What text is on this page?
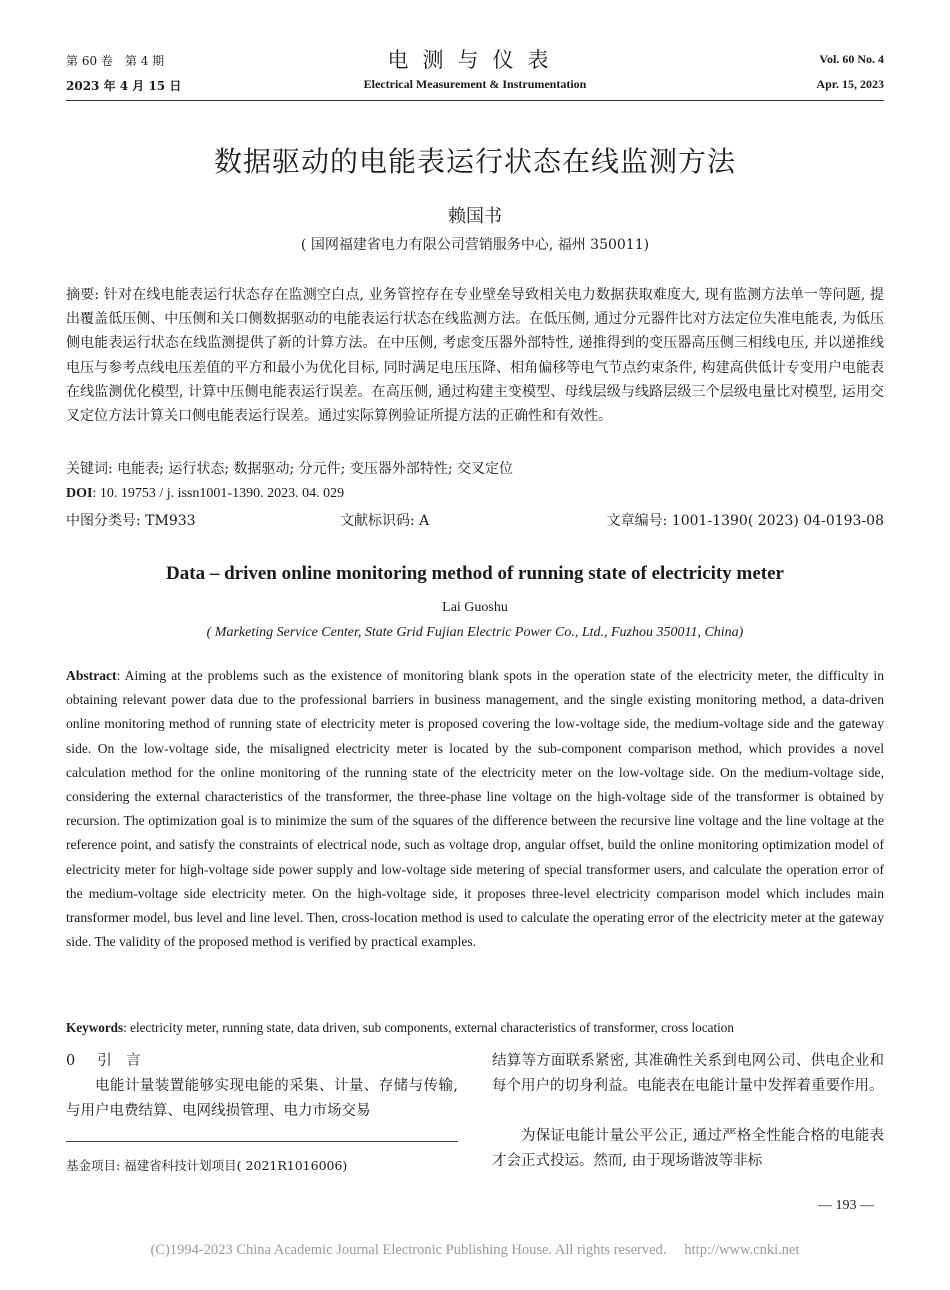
第 60 卷　第 4 期
2023 年 4 月 15 日
电测与仪表
Electrical Measurement & Instrumentation
Vol. 60 No. 4
Apr. 15, 2023
数据驱动的电能表运行状态在线监测方法
赖国书
( 国网福建省电力有限公司营销服务中心, 福州 350011)
摘要: 针对在线电能表运行状态存在监测空白点, 业务管控存在专业壁垒导致相关电力数据获取难度大, 现有监测方法单一等问题, 提出覆盖低压侧、中压侧和关口侧数据驱动的电能表运行状态在线监测方法。在低压侧, 通过分元器件比对方法定位失准电能表, 为低压侧电能表运行状态在线监测提供了新的计算方法。在中压侧, 考虑变压器外部特性, 递推得到的变压器高压侧三相线电压, 并以递推线电压与参考点线电压差值的平方和最小为优化目标, 同时满足电压压降、相角偏移等电气节点约束条件, 构建高供低计专变用户电能表在线监测优化模型, 计算中压侧电能表运行误差。在高压侧, 通过构建主变模型、母线层级与线路层级三个层级电量比对模型, 运用交叉定位方法计算关口侧电能表运行误差。通过实际算例验证所提方法的正确性和有效性。
关键词: 电能表; 运行状态; 数据驱动; 分元件; 变压器外部特性; 交叉定位
DOI: 10. 19753 / j. issn1001-1390. 2023. 04. 029
中图分类号: TM933	文献标识码: A	文章编号: 1001-1390( 2023) 04-0193-08
Data – driven online monitoring method of running state of electricity meter
Lai Guoshu
( Marketing Service Center, State Grid Fujian Electric Power Co., Ltd., Fuzhou 350011, China)
Abstract: Aiming at the problems such as the existence of monitoring blank spots in the operation state of the electricity meter, the difficulty in obtaining relevant power data due to the professional barriers in business management, and the single existing monitoring method, a data-driven online monitoring method of running state of electricity meter is proposed covering the low-voltage side, the medium-voltage side and the gateway side. On the low-voltage side, the misaligned electricity meter is located by the sub-component comparison method, which provides a novel calculation method for the online monitoring of the running state of the electricity meter on the low-voltage side. On the medium-voltage side, considering the external characteristics of the transformer, the three-phase line voltage on the high-voltage side of the transformer is obtained by recursion. The optimization goal is to minimize the sum of the squares of the difference between the recursive line voltage and the line voltage at the reference point, and satisfy the constraints of electrical node, such as voltage drop, angular offset, build the online monitoring optimization model of electricity meter for high-voltage side power supply and low-voltage side metering of special transformer users, and calculate the operation error of the medium-voltage side electricity meter. On the high-voltage side, it proposes three-level electricity comparison model which includes main transformer model, bus level and line level. Then, cross-location method is used to calculate the operating error of the electricity meter at the gateway side. The validity of the proposed method is verified by practical examples.
Keywords: electricity meter, running state, data driven, sub components, external characteristics of transformer, cross location
0 引　言
电能计量装置能够实现电能的采集、计量、存储与传输, 与用户电费结算、电网线损管理、电力市场交易
基金项目: 福建省科技计划项目( 2021R1016006)
结算等方面联系紧密, 其准确性关系到电网公司、供电企业和每个用户的切身利益。电能表在电能计量中发挥着重要作用。
为保证电能计量公平公正, 通过严格全性能合格的电能表才会正式投运。然而, 由于现场谐波等非标
— 193 —
(C)1994-2023 China Academic Journal Electronic Publishing House. All rights reserved. http://www.cnki.net
